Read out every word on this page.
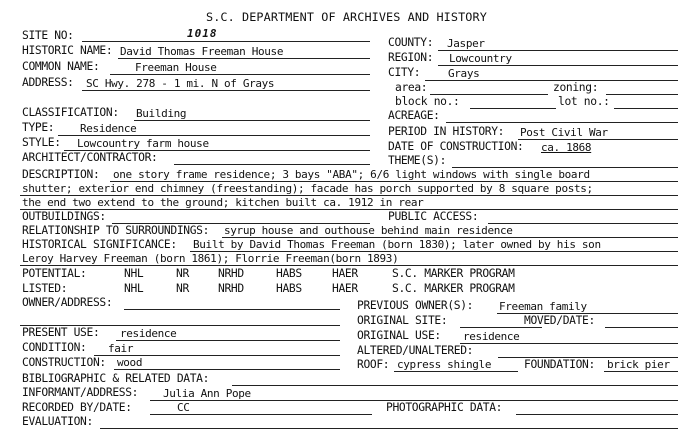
S.C. DEPARTMENT OF ARCHIVES AND HISTORY
SITE NO:	1018
HISTORIC NAME: David Thomas Freeman House
COMMON NAME:	Freeman House
ADDRESS: SC Hwy. 278 - 1 mi. N of Grays
CLASSIFICATION: Building
TYPE: Residence
STYLE: Lowcountry farm house
ARCHITECT/CONTRACTOR:
COUNTY: Jasper
REGION: Lowcountry
CITY:	Grays
area:	zoning:
block no.:	lot no.:
ACREAGE:
PERIOD IN HISTORY: Post Civil War
DATE OF CONSTRUCTION: ca. 1868
THEME(S):
DESCRIPTION: one story frame residence; 3 bays "ABA"; 6/6 light windows with single board
shutter; exterior end chimney (freestanding); facade has porch supported by 8 square posts;
the end two extend to the ground; kitchen built ca. 1912 in rear
OUTBUILDINGS:	PUBLIC ACCESS:
RELATIONSHIP TO SURROUNDINGS: syrup house and outhouse behind main residence
HISTORICAL SIGNIFICANCE: Built by David Thomas Freeman (born 1830); later owned by his son
Leroy Harvey Freeman (born 1861); Florrie Freeman(born 1893)
POTENTIAL:	NHL	NR	NRHD	HABS	HAER	S.C. MARKER PROGRAM
LISTED:	NHL	NR	NRHD	HABS	HAER	S.C. MARKER PROGRAM
OWNER/ADDRESS:	PREVIOUS OWNER(S): Freeman family
ORIGINAL SITE:	MOVED/DATE:
PRESENT USE: residence	ORIGINAL USE: residence
CONDITION: fair	ALTERED/UNALTERED:
CONSTRUCTION: wood	ROOF: cypress shingle	FOUNDATION: brick pier
BIBLIOGRAPHIC & RELATED DATA:
INFORMANT/ADDRESS: Julia Ann Pope
RECORDED BY/DATE:	CC	PHOTOGRAPHIC DATA:
EVALUATION:
